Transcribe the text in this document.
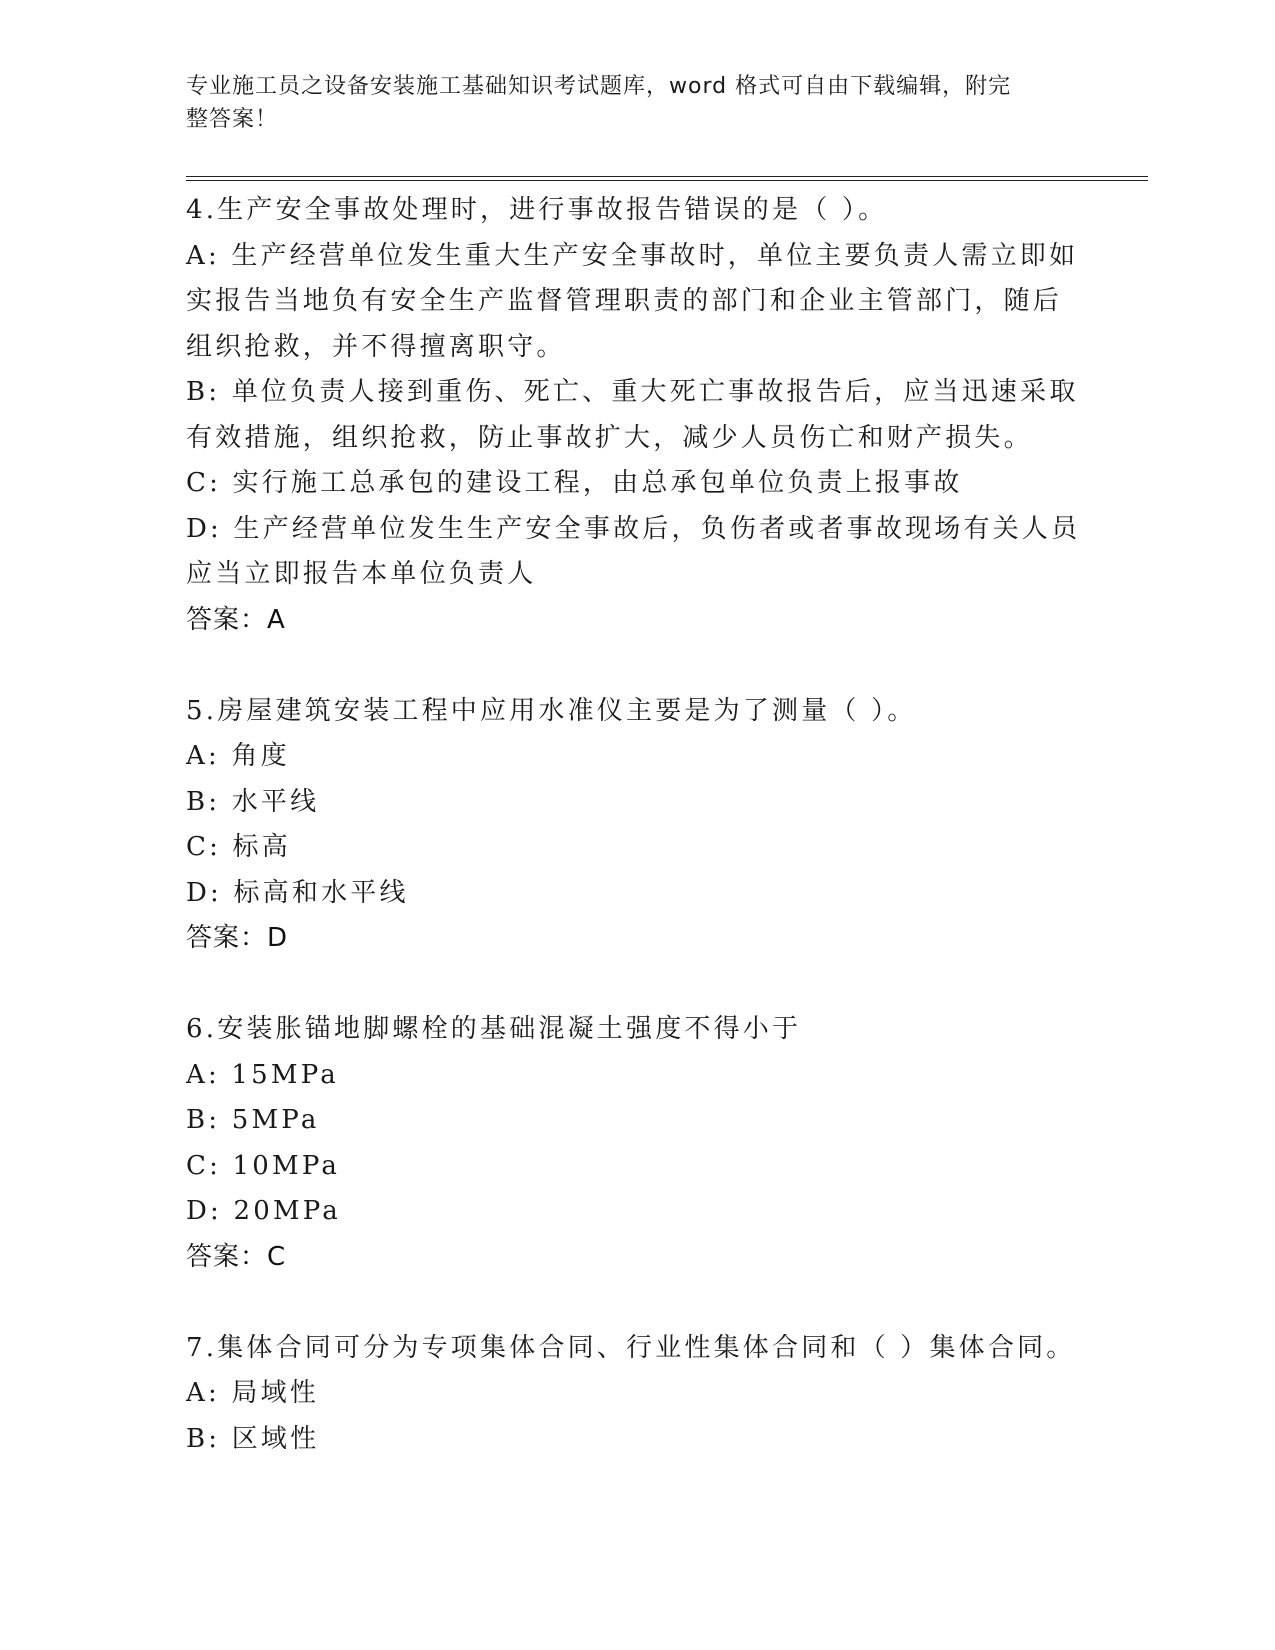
专业施工员之设备安装施工基础知识考试题库，word 格式可自由下载编辑，附完
整答案！
4.生产安全事故处理时，进行事故报告错误的是（ ）。
A: 生产经营单位发生重大生产安全事故时，单位主要负责人需立即如
实报告当地负有安全生产监督管理职责的部门和企业主管部门，随后
组织抢救，并不得擅离职守。
B: 单位负责人接到重伤、死亡、重大死亡事故报告后，应当迅速采取
有效措施，组织抢救，防止事故扩大，减少人员伤亡和财产损失。
C: 实行施工总承包的建设工程，由总承包单位负责上报事故
D: 生产经营单位发生生产安全事故后，负伤者或者事故现场有关人员
应当立即报告本单位负责人
答案：A
5.房屋建筑安装工程中应用水准仪主要是为了测量（ ）。
A: 角度
B: 水平线
C: 标高
D: 标高和水平线
答案：D
6.安装胀锚地脚螺栓的基础混凝土强度不得小于
A: 15MPa
B: 5MPa
C: 10MPa
D: 20MPa
答案：C
7.集体合同可分为专项集体合同、行业性集体合同和（ ）集体合同。
A: 局域性
B: 区域性
